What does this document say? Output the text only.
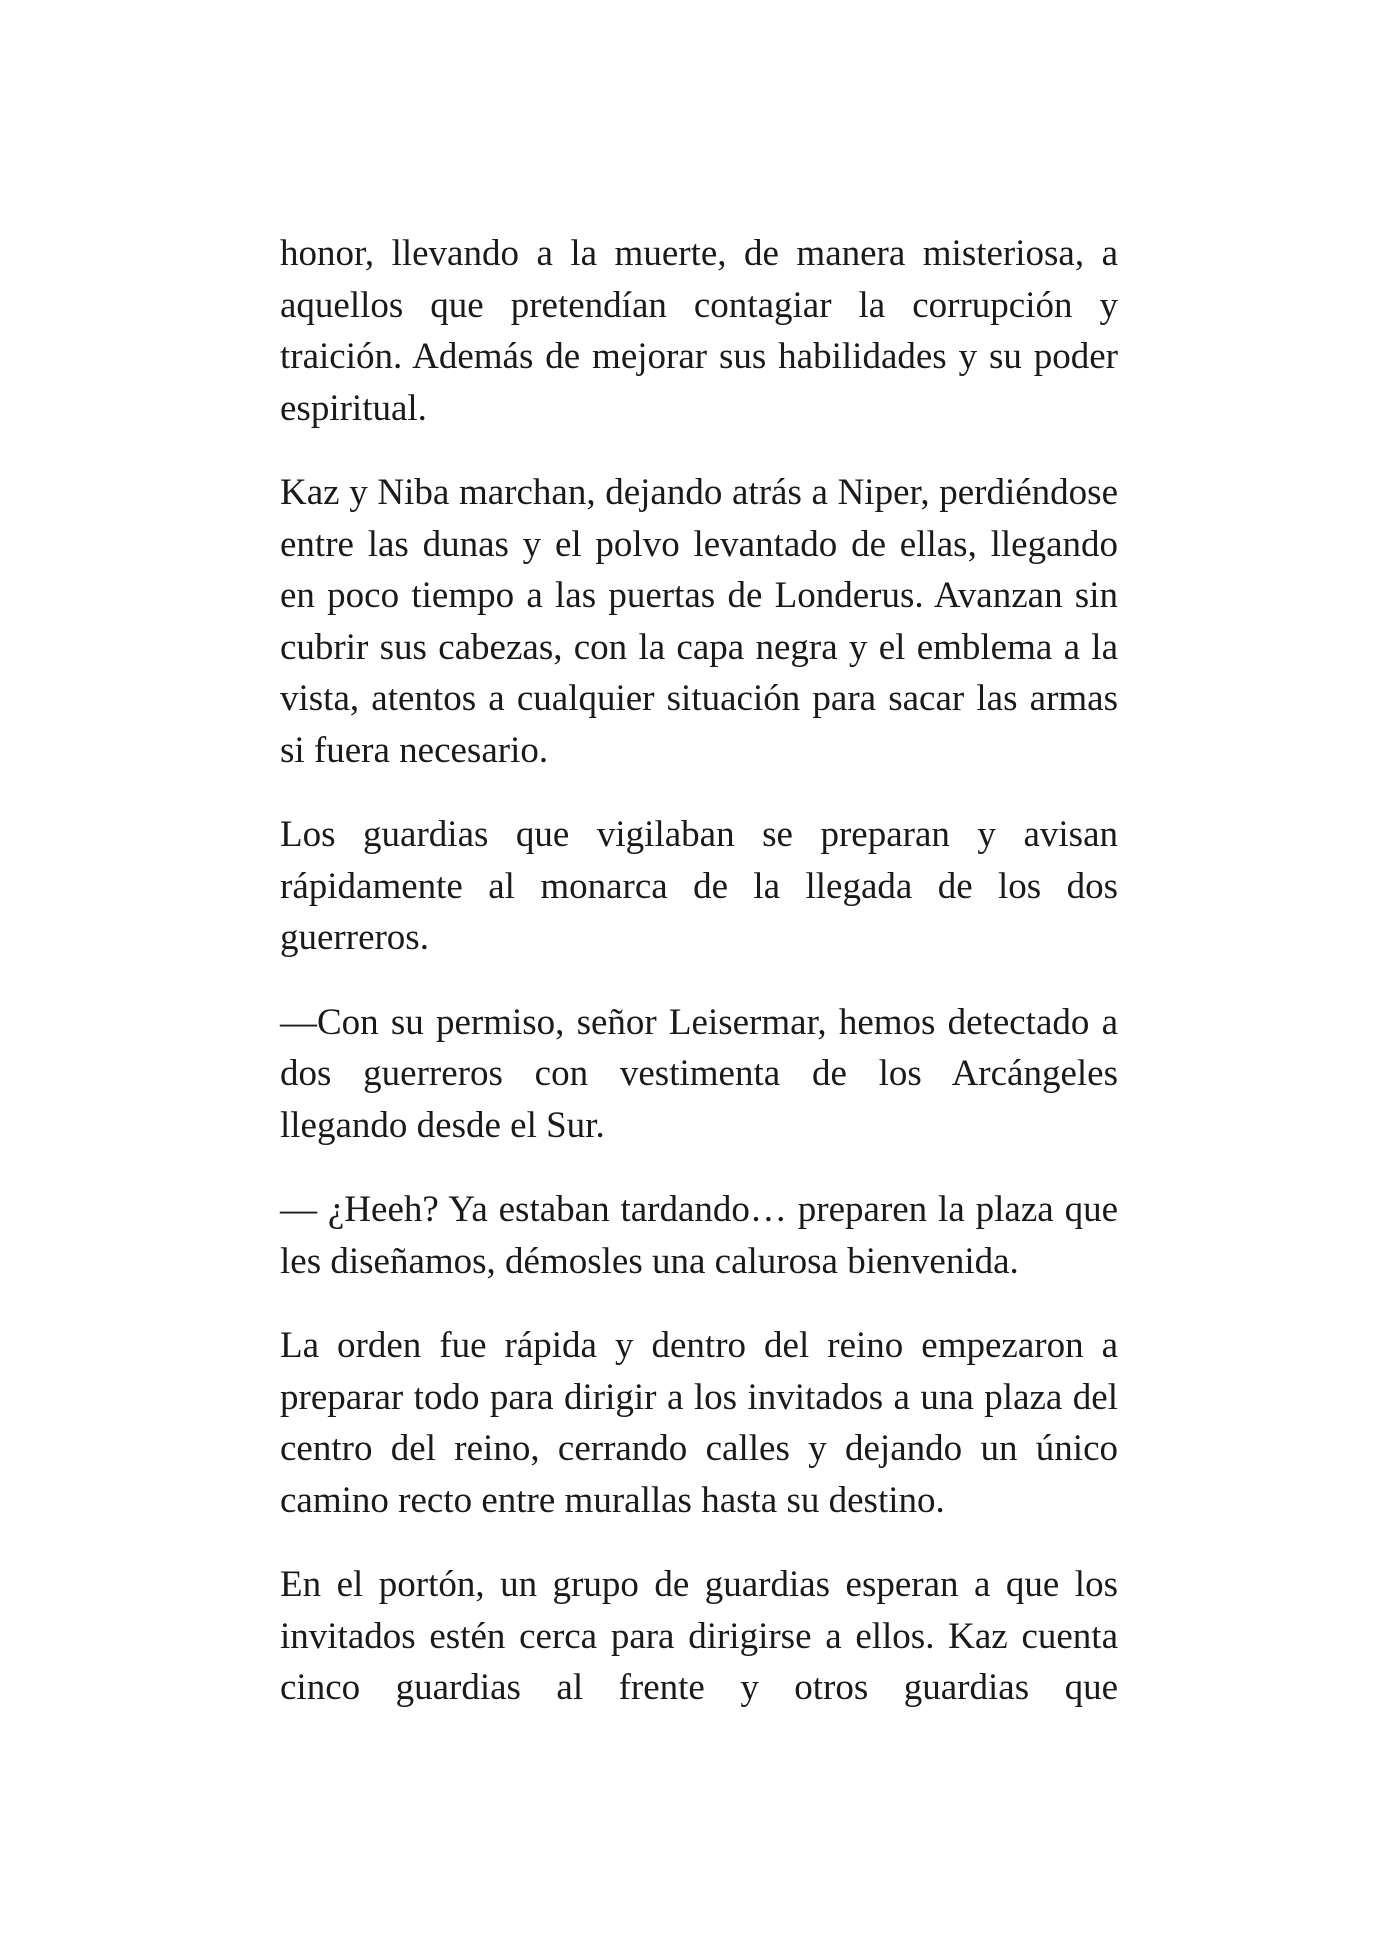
honor, llevando a la muerte, de manera misteriosa, a aquellos que pretendían contagiar la corrupción y traición. Además de mejorar sus habilidades y su poder espiritual.

Kaz y Niba marchan, dejando atrás a Niper, perdiéndose entre las dunas y el polvo levantado de ellas, llegando en poco tiempo a las puertas de Londerus. Avanzan sin cubrir sus cabezas, con la capa negra y el emblema a la vista, atentos a cualquier situación para sacar las armas si fuera necesario.

Los guardias que vigilaban se preparan y avisan rápidamente al monarca de la llegada de los dos guerreros.

—Con su permiso, señor Leisermar, hemos detectado a dos guerreros con vestimenta de los Arcángeles llegando desde el Sur.

— ¿Heeh? Ya estaban tardando… preparen la plaza que les diseñamos, démosles una calurosa bienvenida.

La orden fue rápida y dentro del reino empezaron a preparar todo para dirigir a los invitados a una plaza del centro del reino, cerrando calles y dejando un único camino recto entre murallas hasta su destino.

En el portón, un grupo de guardias esperan a que los invitados estén cerca para dirigirse a ellos. Kaz cuenta cinco guardias al frente y otros guardias que
